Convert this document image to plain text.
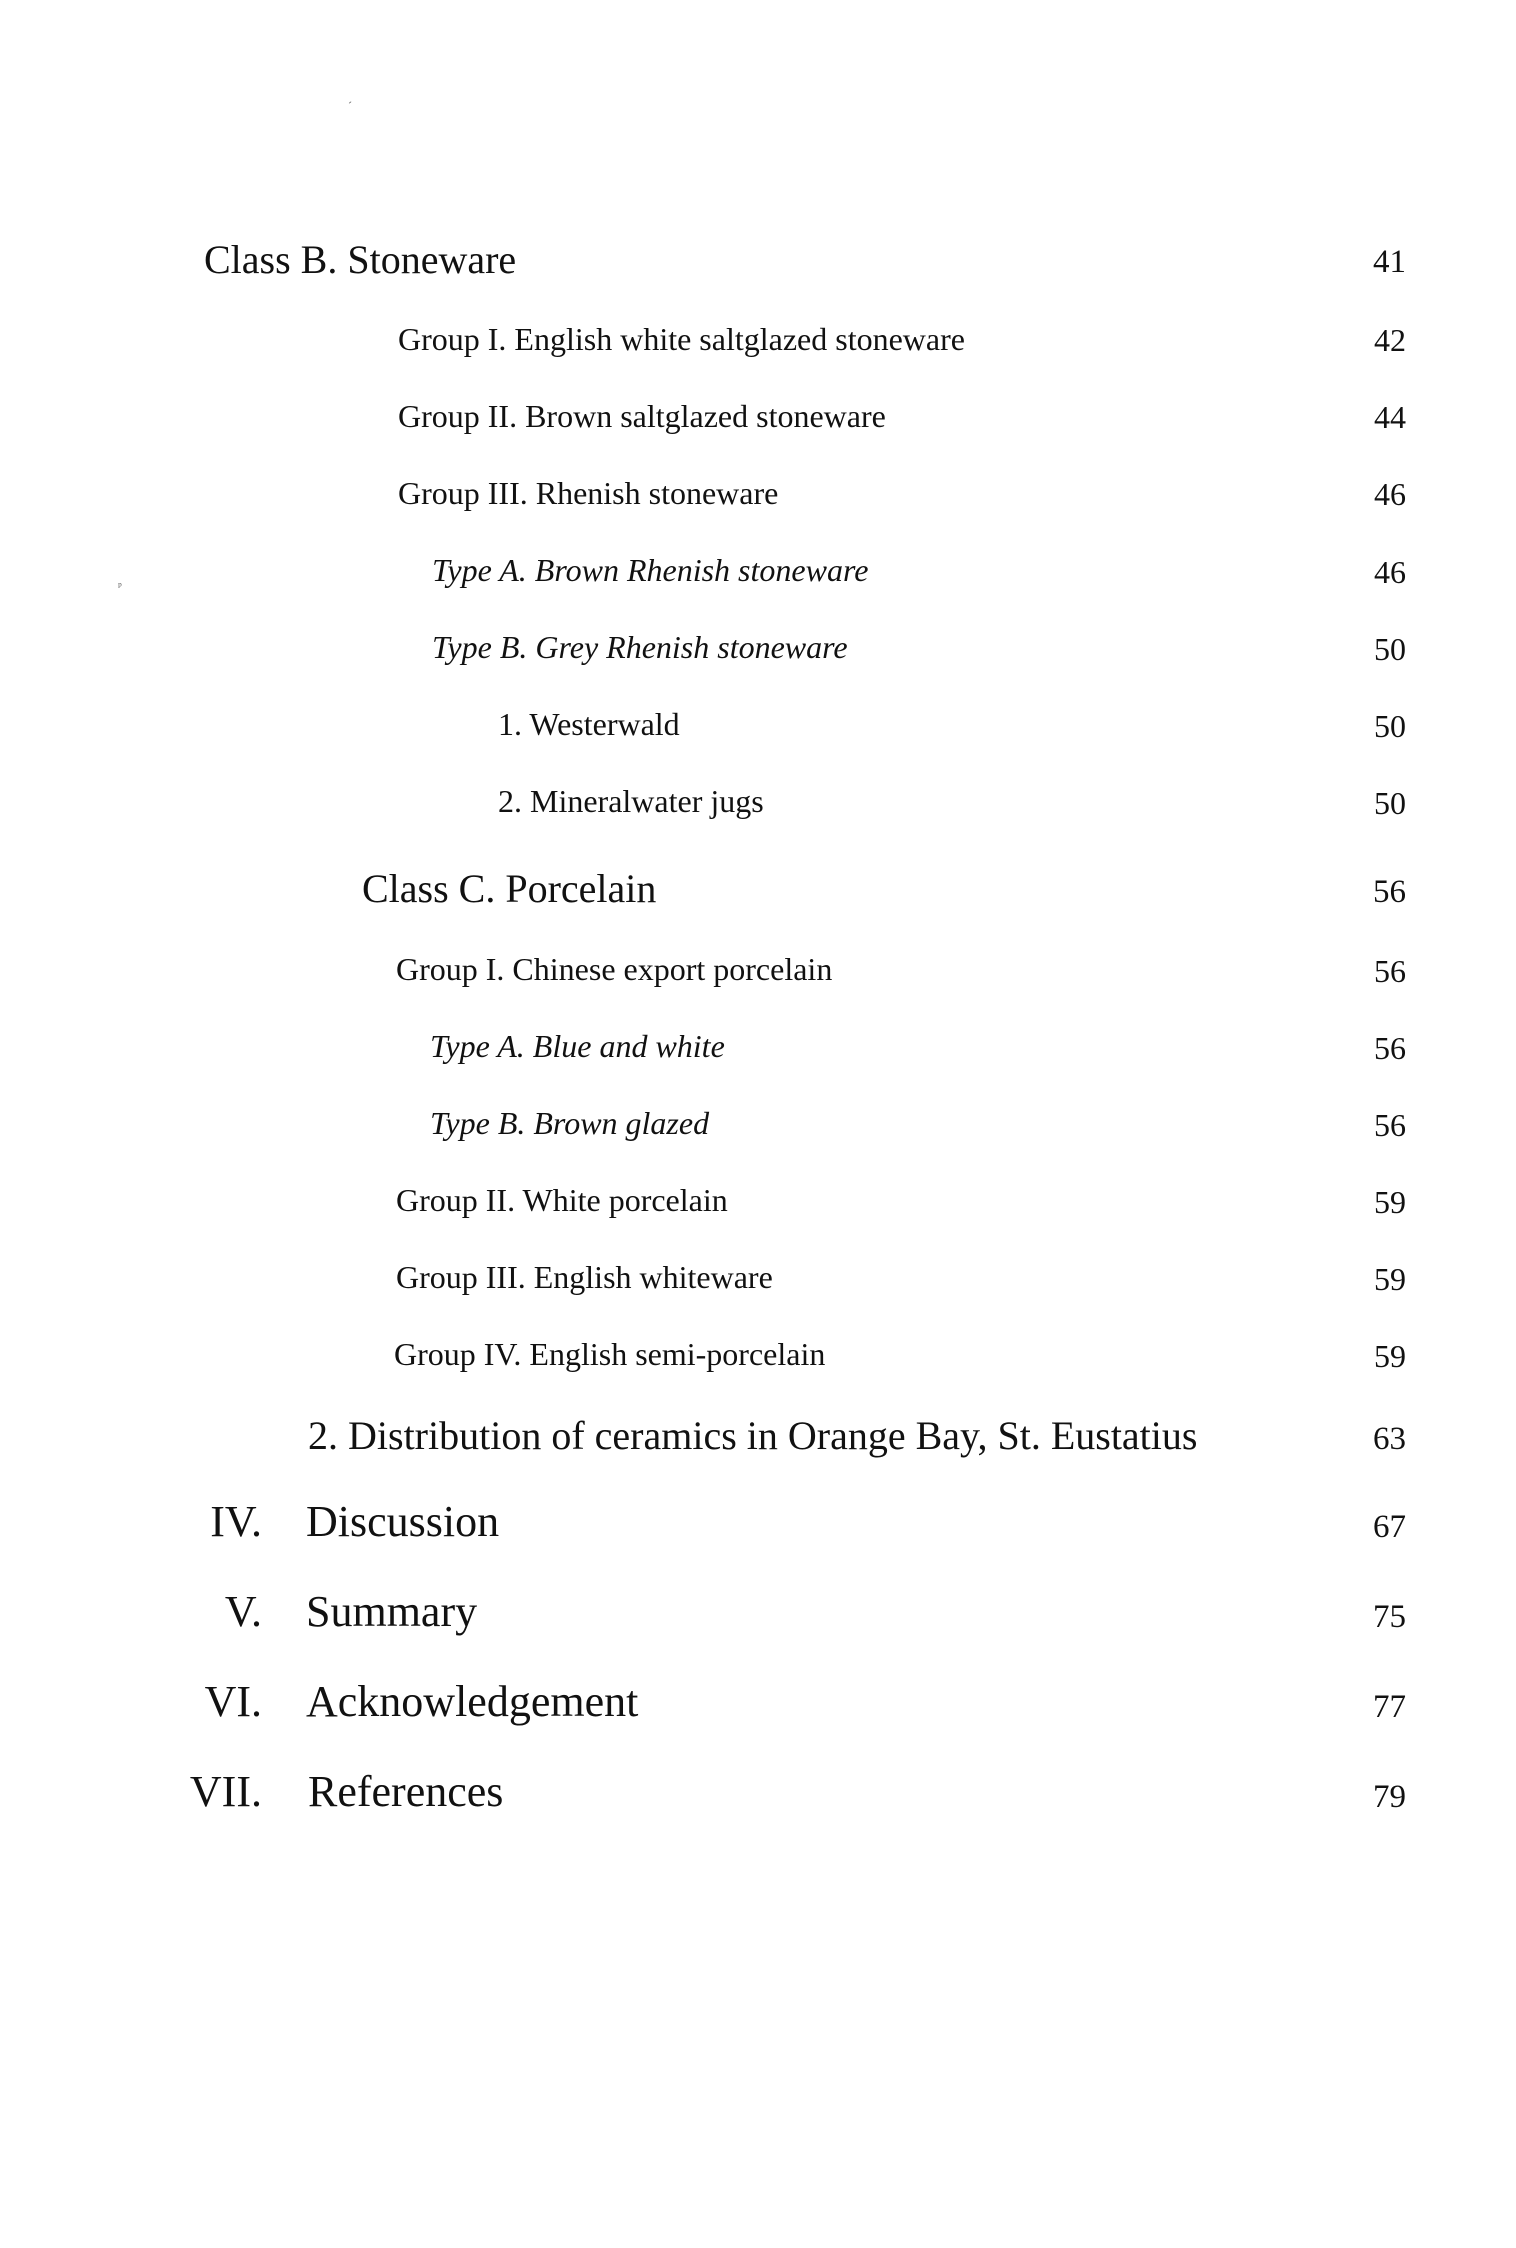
ˊ
ᵖ
Class B. Stoneware	41
Group I. English white saltglazed stoneware	42
Group II. Brown saltglazed stoneware	44
Group III. Rhenish stoneware	46
Type A. Brown Rhenish stoneware	46
Type B. Grey Rhenish stoneware	50
1. Westerwald	50
2. Mineralwater jugs	50
Class C. Porcelain	56
Group I. Chinese export porcelain	56
Type A. Blue and white	56
Type B. Brown glazed	56
Group II. White porcelain	59
Group III. English whiteware	59
Group IV. English semi-porcelain	59
2. Distribution of ceramics in Orange Bay, St. Eustatius	63
IV. Discussion	67
V. Summary	75
VI. Acknowledgement	77
VII. References	79
